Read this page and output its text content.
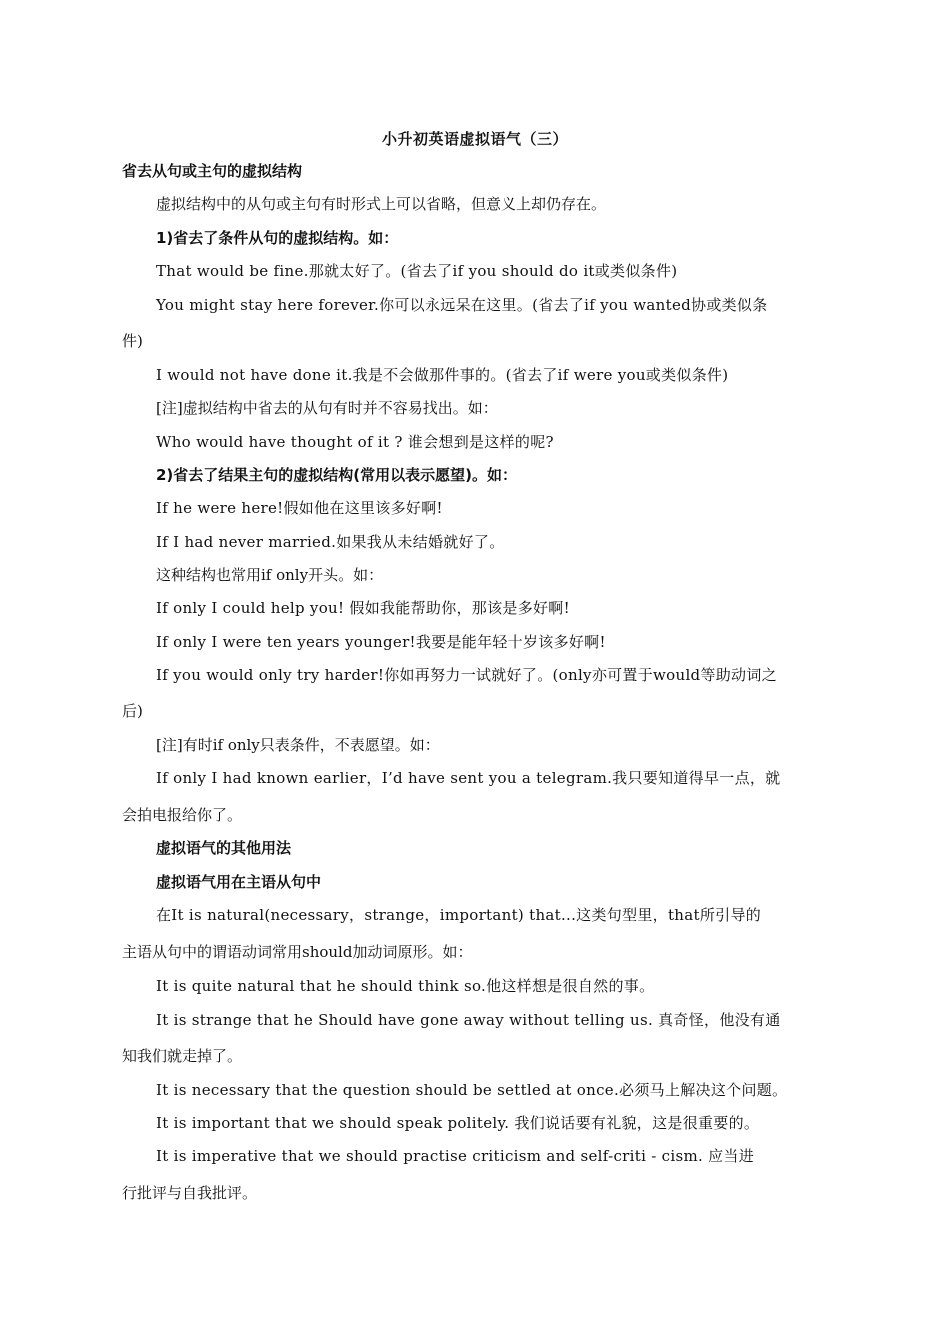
小升初英语虚拟语气（三）
省去从句或主句的虚拟结构
虚拟结构中的从句或主句有时形式上可以省略，但意义上却仍存在。
1)省去了条件从句的虚拟结构。如：
That would be fine.那就太好了。(省去了if you should do it或类似条件)
You might stay here forever.你可以永远呆在这里。(省去了if you wanted协或类似条
件)
I would not have done it.我是不会做那件事的。(省去了if were you或类似条件)
[注]虚拟结构中省去的从句有时并不容易找出。如：
Who would have thought of it ? 谁会想到是这样的呢?
2)省去了结果主句的虚拟结构(常用以表示愿望)。如：
If he were here!假如他在这里该多好啊!
If I had never married.如果我从未结婚就好了。
这种结构也常用if only开头。如：
If only I could help you! 假如我能帮助你，那该是多好啊!
If only I were ten years younger!我要是能年轻十岁该多好啊!
If you would only try harder!你如再努力一试就好了。(only亦可置于would等助动词之
后)
[注]有时if only只表条件，不表愿望。如：
If only I had known earlier，I’d have sent you a telegram.我只要知道得早一点，就
会拍电报给你了。
虚拟语气的其他用法
虚拟语气用在主语从句中
在It is natural(necessary，strange，important) that...这类句型里，that所引导的
主语从句中的谓语动词常用should加动词原形。如：
It is quite natural that he should think so.他这样想是很自然的事。
It is strange that he Should have gone away without telling us. 真奇怪，他没有通
知我们就走掉了。
It is necessary that the question should be settled at once.必须马上解决这个问题。
It is important that we should speak politely. 我们说话要有礼貌，这是很重要的。
It is imperative that we should practise criticism and self-criti - cism. 应当进
行批评与自我批评。
